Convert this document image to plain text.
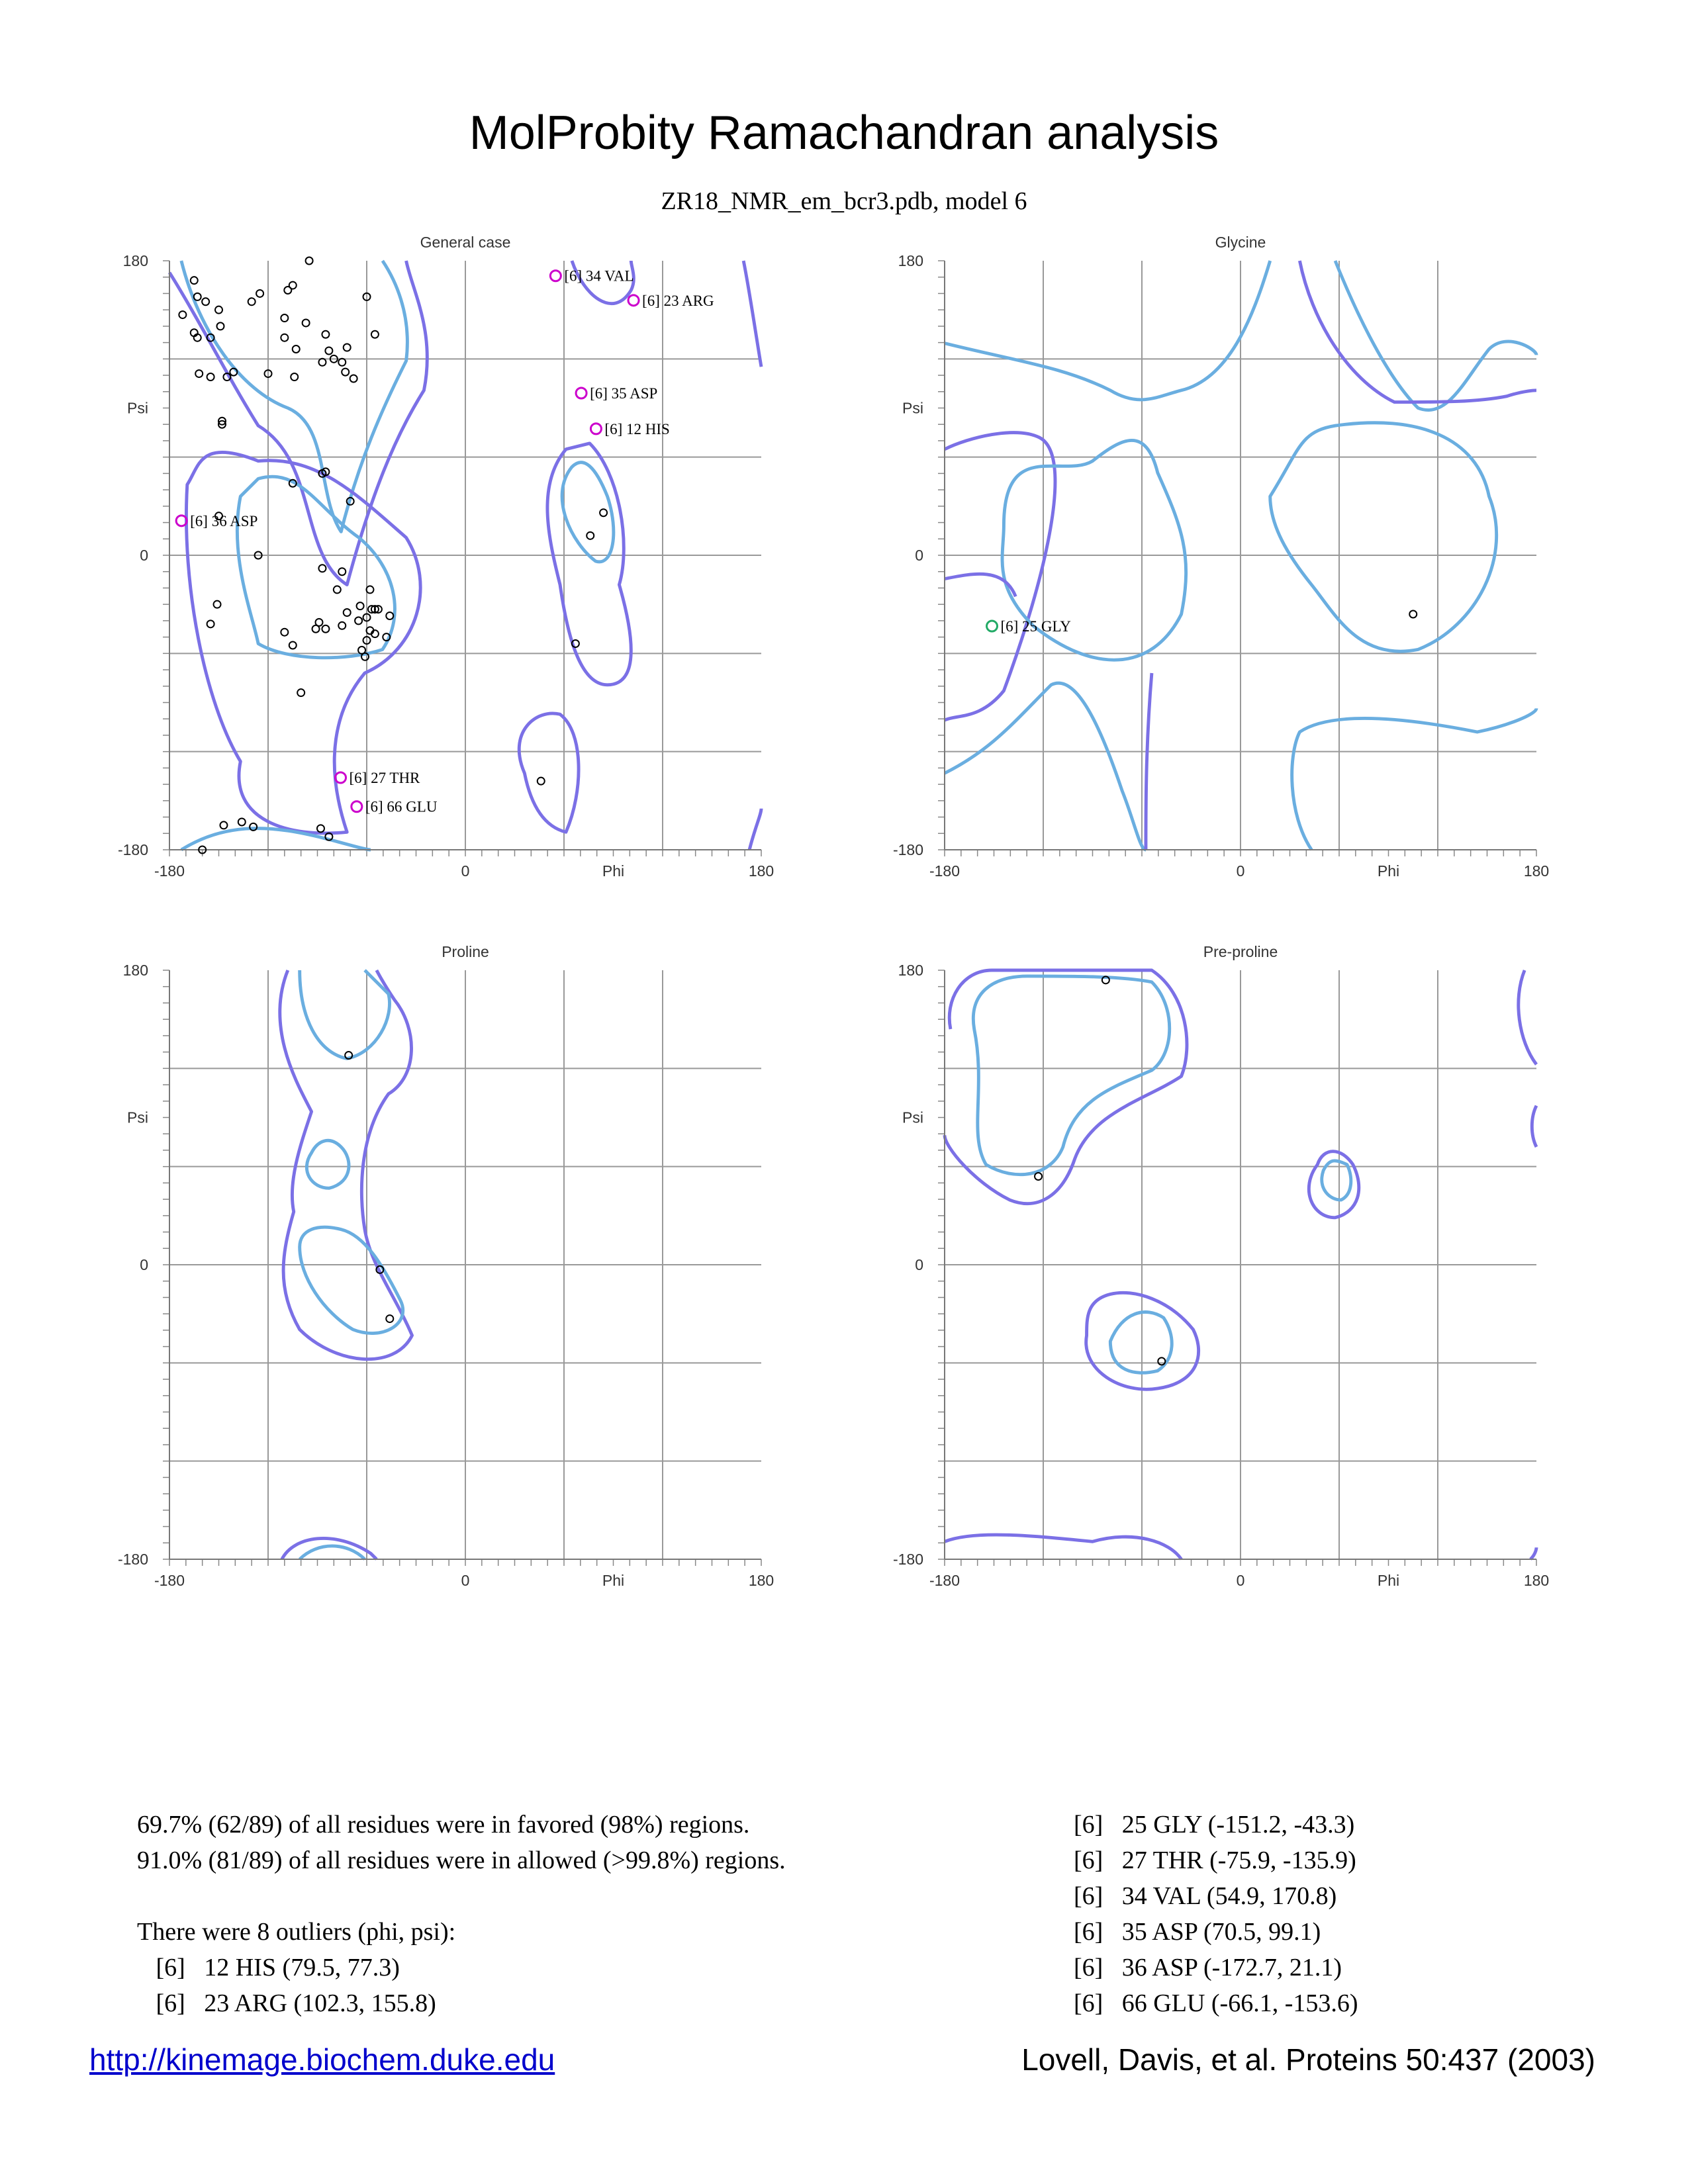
MolProbity Ramachandran analysis
ZR18_NMR_em_bcr3.pdb, model 6
General case
-180	0	180
Phi
180
0
-180
Psi
[6] 34 VAL
[6] 23 ARG
[6] 35 ASP
[6] 12 HIS
[6] 36 ASP
[6] 27 THR
[6] 66 GLU
Glycine
-180	0	180
Phi
180
0
-180
Psi
[6] 25 GLY
Proline
-180	0	180
Phi
180
0
-180
Psi
Pre-proline
-180	0	180
Phi
180
0
-180
Psi
69.7% (62/89) of all residues were in favored (98%) regions.
91.0% (81/89) of all residues were in allowed (>99.8%) regions.
There were 8 outliers (phi, psi):
[6]   12 HIS (79.5, 77.3)
[6]   23 ARG (102.3, 155.8)
[6]   25 GLY (-151.2, -43.3)
[6]   27 THR (-75.9, -135.9)
[6]   34 VAL (54.9, 170.8)
[6]   35 ASP (70.5, 99.1)
[6]   36 ASP (-172.7, 21.1)
[6]   66 GLU (-66.1, -153.6)
http://kinemage.biochem.duke.edu	Lovell, Davis, et al. Proteins 50:437 (2003)
